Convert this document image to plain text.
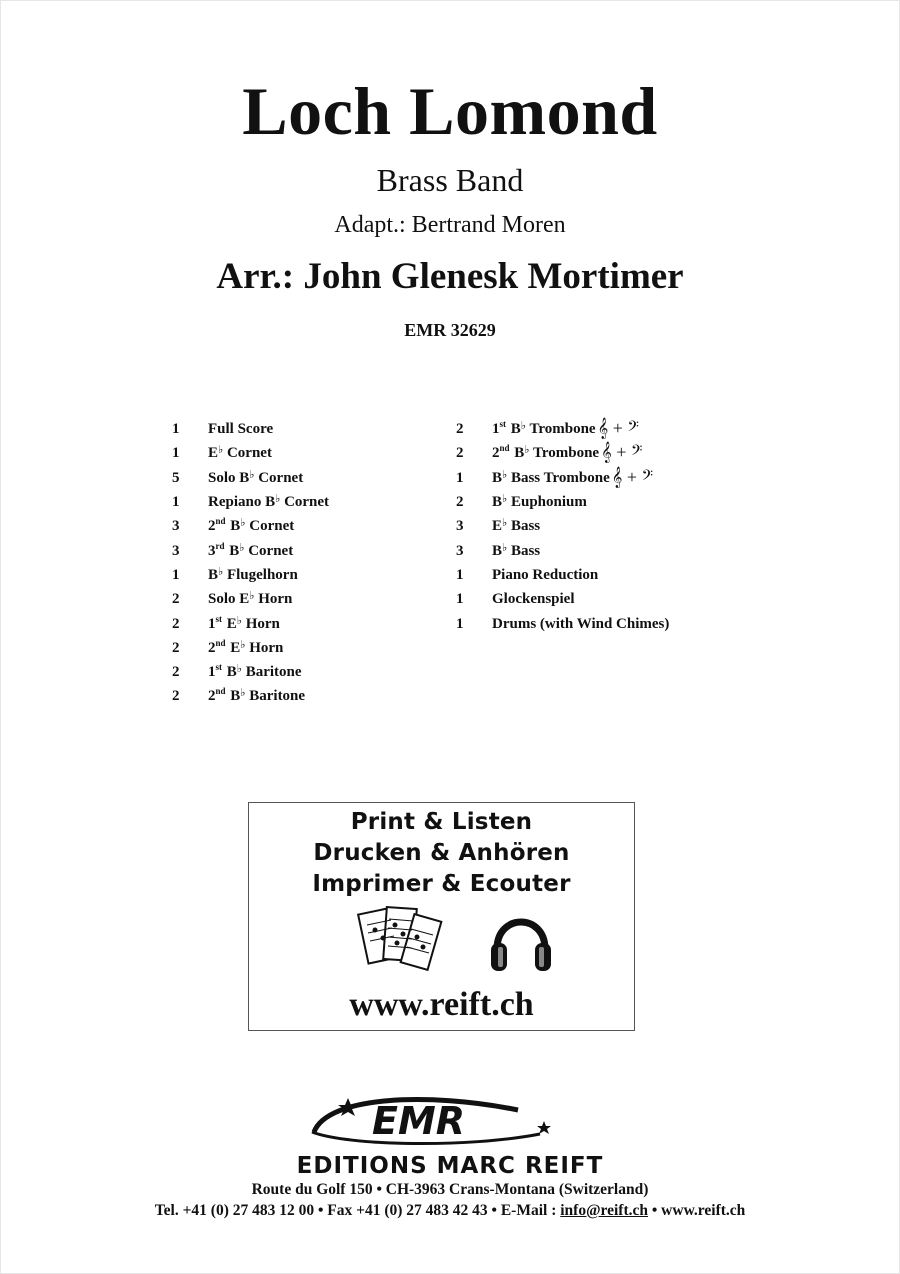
Loch Lomond
Brass Band
Adapt.: Bertrand Moren
Arr.: John Glenesk Mortimer
EMR 32629
1	Full Score
1	E ♭ Cornet
5	Solo B ♭ Cornet
1	Repiano B ♭ Cornet
3	2 nd B ♭ Cornet
3	3 rd B ♭ Cornet
1	B ♭ Flugelhorn
2	Solo E ♭ Horn
2	1 st E ♭ Horn
2	2 nd E ♭ Horn
2	1 st B ♭ Baritone
2	2 nd B ♭ Baritone
2	1 st B ♭ Trombone 𝄞 + 𝄢
2	2 nd B ♭ Trombone 𝄞 + 𝄢
1	B ♭ Bass Trombone 𝄞 + 𝄢
2	B ♭ Euphonium
3	E ♭ Bass
3	B ♭ Bass
1	Piano Reduction
1	Glockenspiel
1	Drums (with Wind Chimes)
Print & Listen
Drucken & Anhören
Imprimer & Ecouter
www.reift.ch
EMR
EDITIONS MARC REIFT
Route du Golf 150 • CH-3963 Crans-Montana (Switzerland)
Tel. +41 (0) 27 483 12 00 • Fax +41 (0) 27 483 42 43 • E-Mail : info@reift.ch • www.reift.ch
